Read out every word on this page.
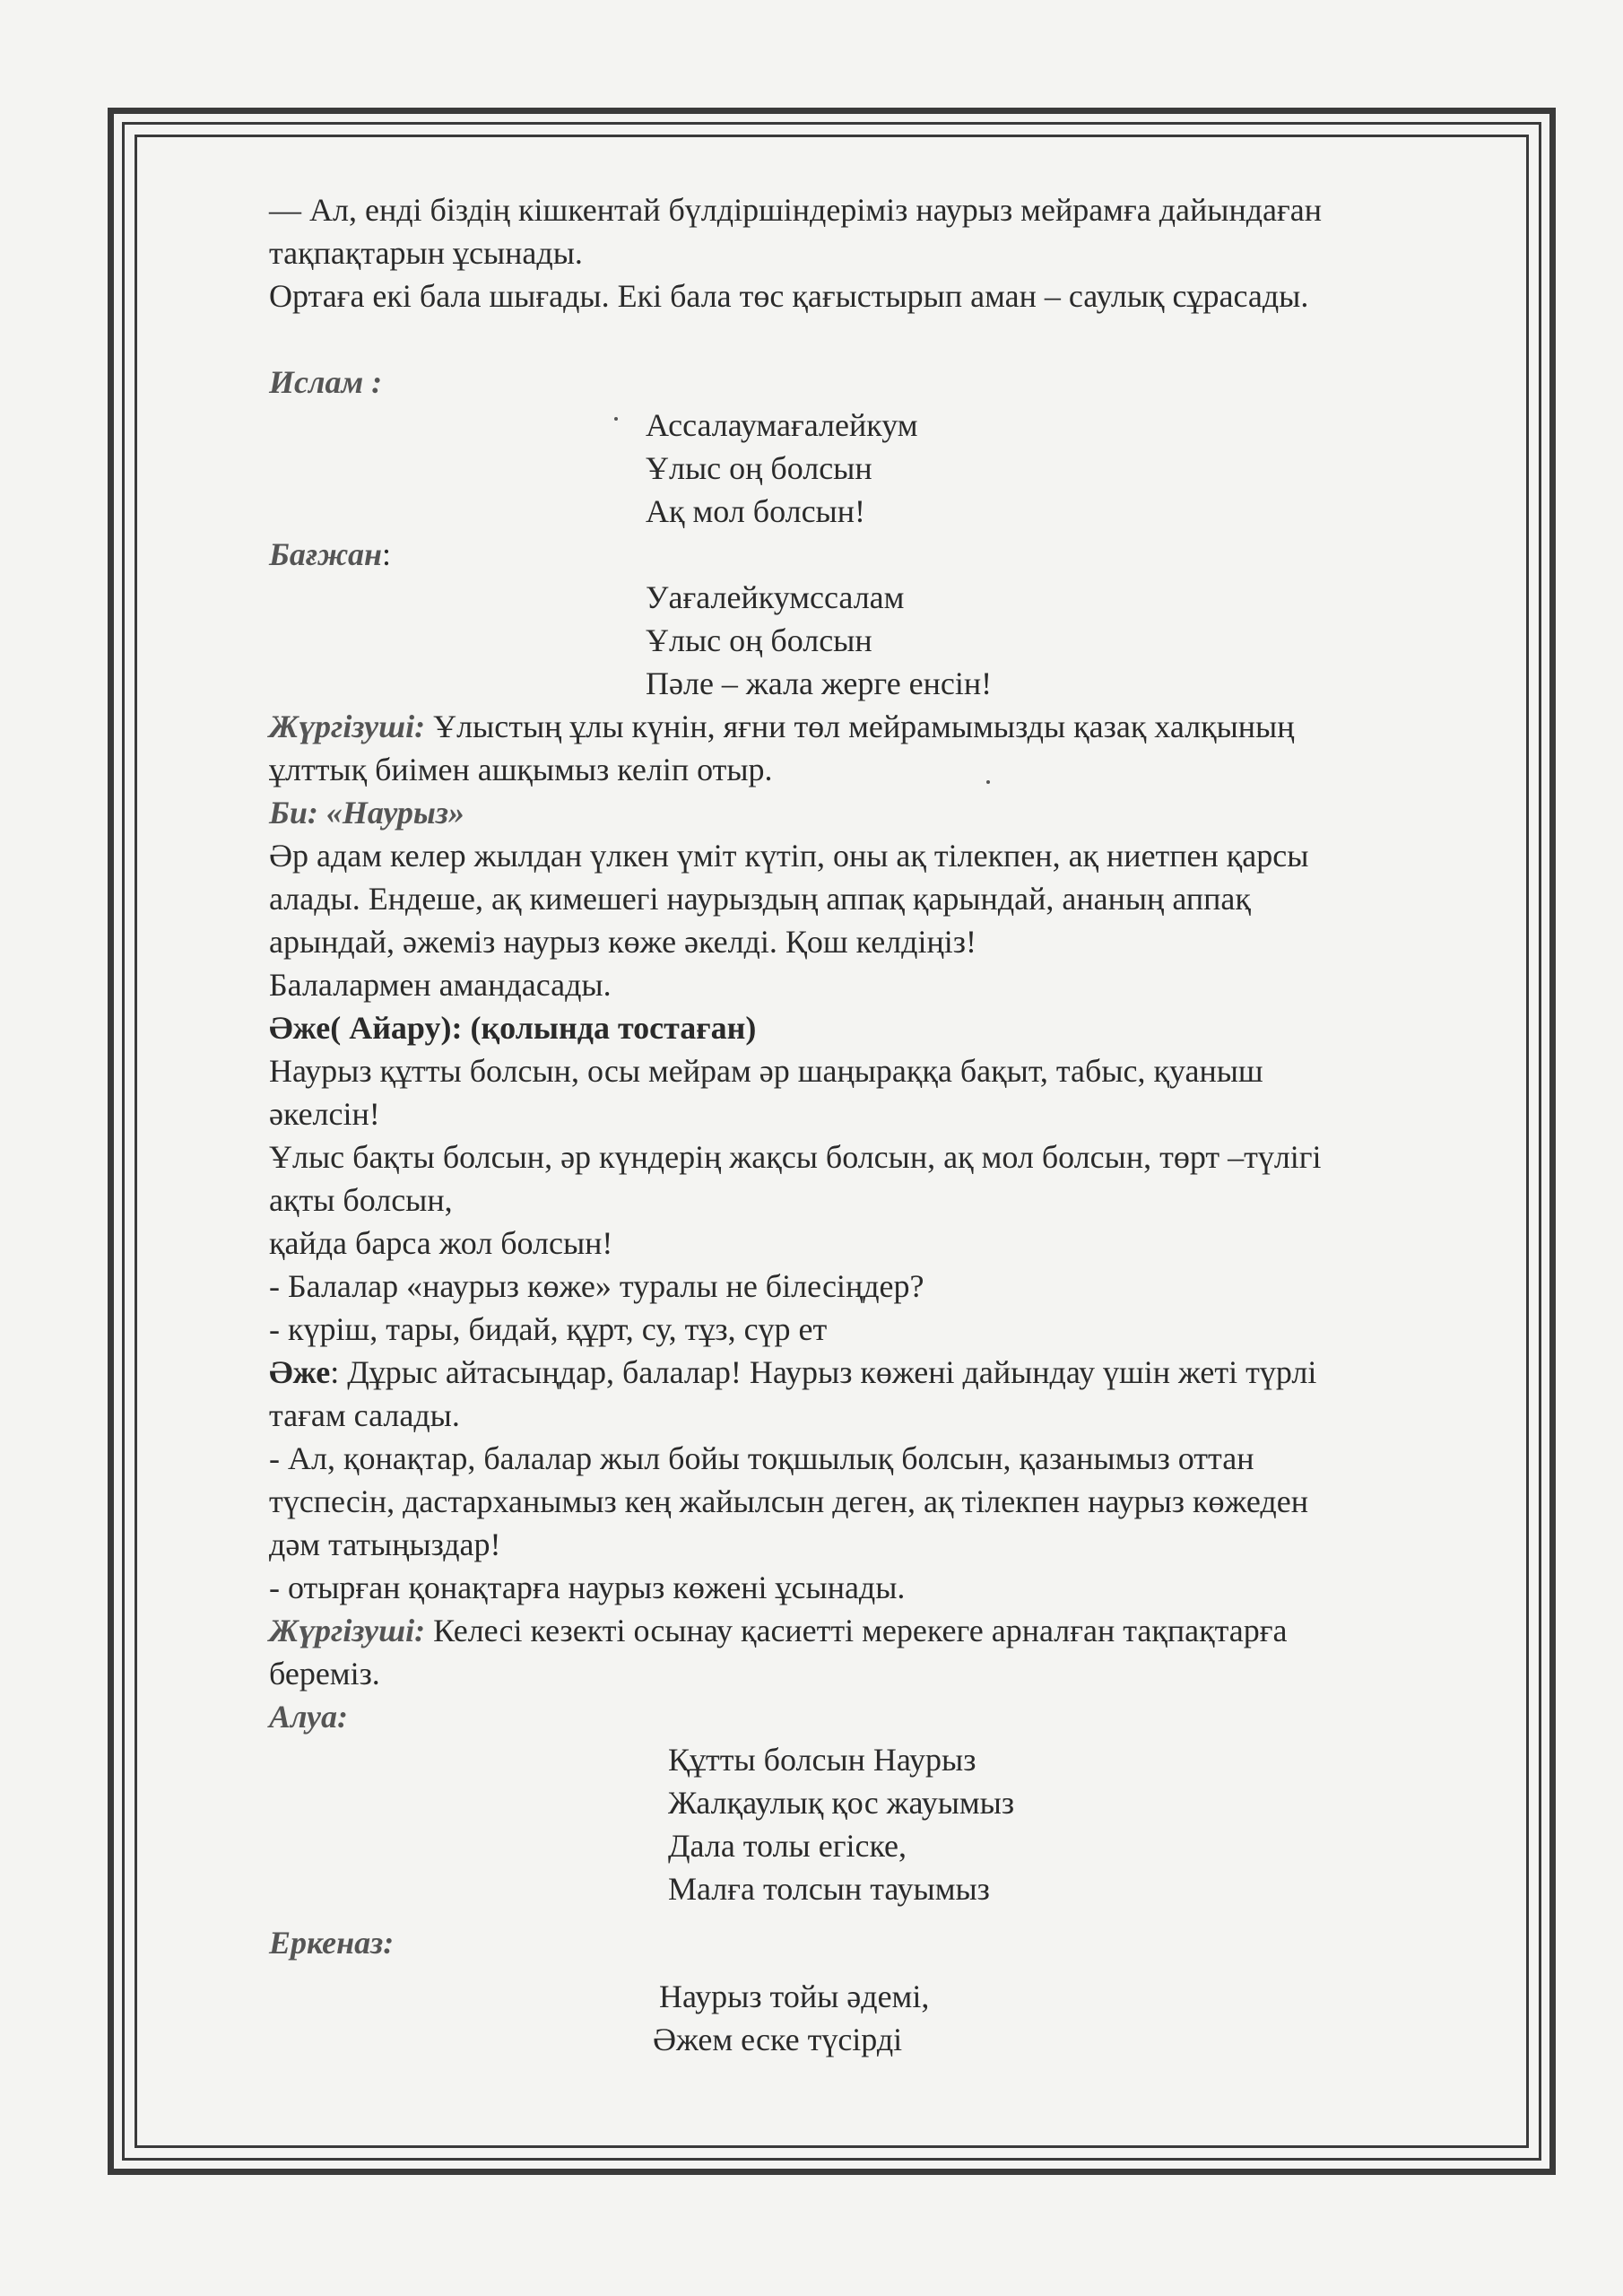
— Ал, енді біздің кішкентай бүлдіршіндеріміз наурыз мейрамға дайындаған

тақпақтарын ұсынады.

Ортаға екі бала шығады. Екі бала төс қағыстырып аман – саулық сұрасады.

Ислам :

Ассалаумағалейкум

Ұлыс оң болсын

Ақ мол болсын!

Бағжан:

Уағалейкумссалам

Ұлыс оң болсын

Пәле – жала жерге енсін!

Жүргізуші: Ұлыстың ұлы күнін, яғни төл мейрамымызды қазақ халқының

ұлттық биімен ашқымыз келіп отыр.

Би: «Наурыз»

Әр адам келер жылдан үлкен үміт күтіп, оны ақ тілекпен, ақ ниетпен қарсы

алады. Ендеше, ақ кимешегі наурыздың аппақ қарындай, ананың аппақ

арындай, әжеміз наурыз көже әкелді. Қош келдіңіз!

Балалармен амандасады.

Әже( Айару): (қолында тостаған)

Наурыз құтты болсын, осы мейрам әр шаңыраққа бақыт, табыс, қуаныш

әкелсін!

Ұлыс бақты болсын, әр күндерің жақсы болсын, ақ мол болсын, төрт –түлігі

ақты болсын,

қайда барса жол болсын!

- Балалар «наурыз көже» туралы не білесіңдер?

- күріш, тары, бидай, құрт, су, тұз, сүр ет

Әже: Дұрыс айтасыңдар, балалар! Наурыз көжені дайындау үшін жеті түрлі

тағам салады.

- Ал, қонақтар, балалар жыл бойы тоқшылық болсын, қазанымыз оттан

түспесін, дастарханымыз кең жайылсын деген, ақ тілекпен наурыз көжеден

дәм татыңыздар!

- отырған қонақтарға наурыз көжені ұсынады.

Жүргізуші: Келесі кезекті осынау қасиетті мерекеге арналған тақпақтарға

береміз.

Алуа:

Құтты болсын Наурыз

Жалқаулық қос жауымыз

Дала толы егіске,

Малға толсын тауымыз

Еркеназ:

Наурыз тойы әдемі,

Әжем еске түсірді
